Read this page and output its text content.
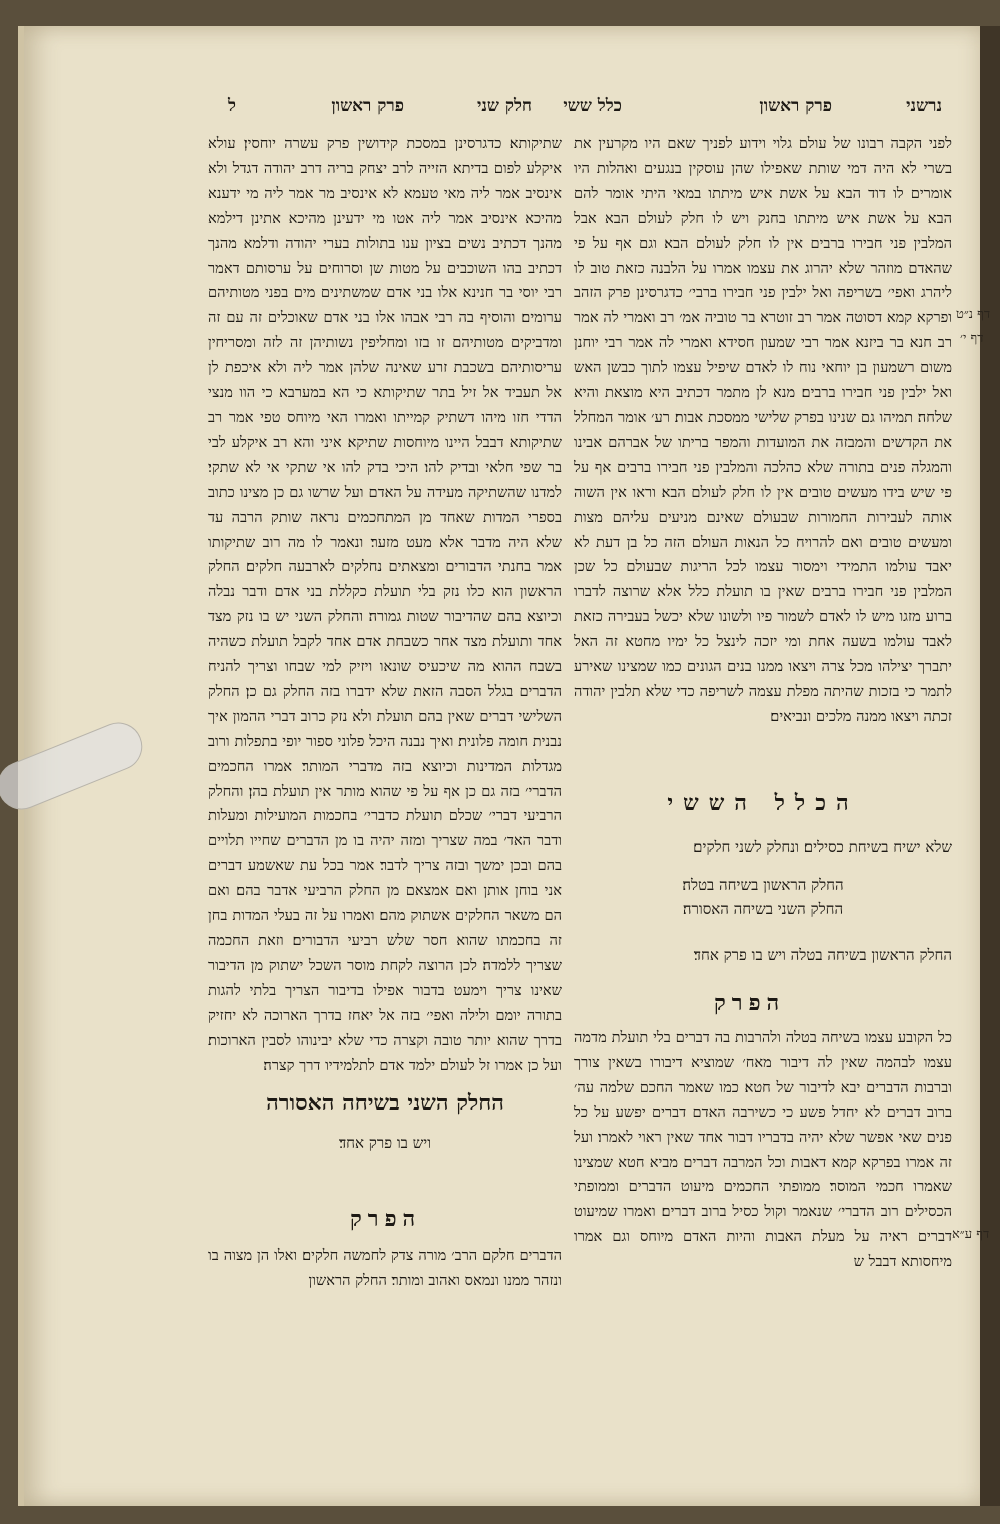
נרשני
פרק ראשון
כלל ששי
חלק שני
פרק ראשון
ל

לפני הקבה רבונו של עולם גלוי וידוע לפניך שאם היו מקרעין את בשרי לא היה דמי שותת שאפילו שהן עוסקין בנגעים ואהלות היו אומרים לו דוד הבא על אשת איש מיתתו במאי היתי אומר להם הבא על אשת איש מיתתו בחנק ויש לו חלק לעולם הבא אבל המלבין פני חבירו ברבים אין לו חלק לעולם הבא׃ וגם אף על פי שהאדם מוזהר שלא יהרוג את עצמו אמרו על הלבנה כזאת טוב לו ליהרג ואפי׳ בשריפה ואל ילבין פני חבירו ברבי׳ כדגרסינן פרק הזהב ופרקא קמא דסוטה אמר רב זוטרא בר טוביה אמ׳ רב ואמרי לה אמר רב חנא בר ביזנא אמר רבי שמעון חסידא ואמרי לה אמר רבי יוחנן משום רשמעון בן יוחאי נוח לו לאדם שיפיל עצמו לתוך כבשן האש ואל ילבין פני חבירו ברבים׃ מנא לן מתמר דכתיב היא מוצאת והיא שלחה׃ תמיהו גם שנינו בפרק שלישי ממסכת אבות׃ רע׳ אומר המחלל את הקדשים והמבזה את המועדות והמפר בריתו של אברהם אבינו והמגלה פנים בתורה שלא כהלכה והמלבין פני חבירו ברבים אף על פי שיש בידו מעשים טובים אין לו חלק לעולם הבא׃ וראו אין השוה אותה לעבירות החמורות שבעולם שאינם מניעים עליהם מצות ומעשים טובים ואם להרויח כל הנאות העולם הזה כל בן דעת לא יאבד עולמו התמידי וימסור עצמו לכל הריגות שבעולם כל שכן המלבין פני חבירו ברבים שאין בו תועלת כלל אלא שרוצה לדברו ברוע מזגו מיש לו לאדם לשמור פיו ולשונו שלא יכשל בעבירה כזאת לאבד עולמו בשעה אחת ומי יזכה לינצל כל ימיו מחטא זה האל יתברך יצילהו מכל צרה ויצאו ממנו בנים הגונים כמו שמצינו שאירע לתמר כי בזכות שהיתה מפלת עצמה לשריפה כדי שלא תלבין יהודה זכתה ויצאו ממנה מלכים ונביאים׃

שתיקותא׃ כדגרסינן במסכת קידושין פרק עשרה יוחסין׃ עולא איקלע לפום בדיתא הזייה לרב יצחק בריה דרב יהודה דגדל ולא אינסיב אמר ליה מאי טעמא לא אינסיב מר אמר ליה מי ידענא מהיכא אינסיב אמר ליה אטו מי ידעינן מהיכא אתינן דילמא מהנך דכתיב נשים בציון ענו בתולות בערי יהודה ודלמא מהנך דכתיב בהו השוכבים על מטות שן וסרוחים על ערסותם דאמר רבי יוסי בר חנינא אלו בני אדם שמשתינים מים בפני מטותיהם ערומים׃ והוסיף בה רבי אבהו אלו בני אדם שאוכלים זה עם זה ומדביקים מטותיהם זו בזו ומחליפין נשותיהן זה לזה ומסריחין עריסותיהם בשכבת זרע שאינה שלהן אמר ליה ולא איכפת לן אל תעביד אל זיל בתר שתיקותא כי הא במערבא כי הוו מנצי הדדי חזו מיהו דשתיק קמייתו ואמרו האי מיוחס טפי אמר רב שתיקותא דבבל היינו מיוחסות שתיקא׃ איני והא רב איקלע לבי בר שפי חלאי ובדיק להו׃ היכי בדק להו אי שתקי אי לא שתקי׃ למדנו שהשתיקה מעידה על האדם ועל שרשו גם כן מצינו כתוב בספרי המדות שאחד מן המתחכמים נראה שותק הרבה עד שלא היה מדבר אלא מעט מזער׃ ונאמר לו מה רוב שתיקותו אמר בחנתי הדבורים ומצאתים נחלקים לארבעה חלקים׃ החלק הראשון הוא כלו נזק בלי תועלת כקללת בני אדם ודבר נבלה וכיוצא בהם שהדיבור שטות גמורה׃ והחלק השני יש בו נזק מצד אחד ותועלת מצד אחר כשבחת אדם אחד לקבל תועלת כשהיה בשבח ההוא מה שיכעיס שונאו ויזיק למי שבחו וצריך להניח הדברים בגלל הסבה הזאת שלא ידברו בזה החלק גם כן׃ החלק השלישי דברים שאין בהם תועלת ולא נזק כרוב דברי ההמון איך נבנית חומה פלונית׃ ואיך נבנה היכל פלוני ספור יופי בתפלות ורוב מגדלות המדינות וכיוצא בזה מדברי המותר׃ אמרו החכמים הדברי׳ בזה גם כן אף על פי שהוא מותר אין תועלת בהן׃ והחלק הרביעי דברי׳ שכלם תועלת כדברי׳ בחכמות המועילות ומעלות ודבר האד׳ במה שצריך ומזה יהיה בו מן הדברים שחייו תלויים בהם ובכן ימשך ובזה צריך לדבר׃ אמר בכל עת שאשמע דברים אני בוחן אותן ואם אמצאם מן החלק הרביעי אדבר בהם׃ ואם הם משאר החלקים אשתוק מהם׃ ואמרו על זה בעלי המדות בחן זה בחכמתו שהוא חסר שלש רביעי הדבורים׃ וזאת החכמה שצריך ללמדה׃ לכן הרוצה לקחת מוסר השכל ישתוק מן הדיבור שאינו צריך וימעט בדבור אפילו בדיבור הצריך בלתי להגות בתורה יומם ולילה ואפי׳ בזה אל יאחז בדרך הארוכה לא יחזיק בדרך שהוא יותר טובה וקצרה כדי שלא יבינוהו לסבין הארוכות׃ ועל כן אמרו זל לעולם ילמד אדם לתלמידיו דרך קצרה׃

הכלל הששי
שלא ישיח בשיחת כסילים׃ ונחלק לשני חלקים׃
החלק הראשון בשיחה בטלה׃
החלק השני בשיחה האסורה׃
החלק הראשון בשיחה בטלה ויש בו פרק אחד׃
הפרק

כל הקובע עצמו בשיחה בטלה ולהרבות בה דברים בלי תועלת מדמה עצמו לבהמה שאין לה דיבור מאח׳ שמוציא דיבורו בשאין צורך וברבות הדברים יבא לדיבור של חטא׃ כמו שאמר החכם שלמה עה׳ ברוב דברים לא יחדל פשע כי כשירבה האדם דברים יפשע על כל פנים שאי אפשר שלא יהיה בדבריו דבור אחד שאין ראוי לאמרו׃ ועל זה אמרו בפרקא קמא דאבות וכל המרבה דברים מביא חטא שמצינו שאמרו חכמי המוסר׃ ממופתי החכמים מיעוט הדברים וממופתי הכסילים רוב הדברי׳ שנאמר וקול כסיל ברוב דברים׃ ואמרו שמיעוט דברים ראיה על מעלת האבות והיות האדם מיוחס וגם אמרו מיחסותא דבבל ש

החלק השני בשיחה האסורה
ויש בו פרק אחד׃
הפרק

הדברים חלקם הרב׳ מורה צדק לחמשה חלקים׃ ואלו הן מצוה בו ונזהר ממנו ונמאס ואהוב ומותר׃ החלק הראשון

דף נ״ט
דף י׳
דף ע״א
